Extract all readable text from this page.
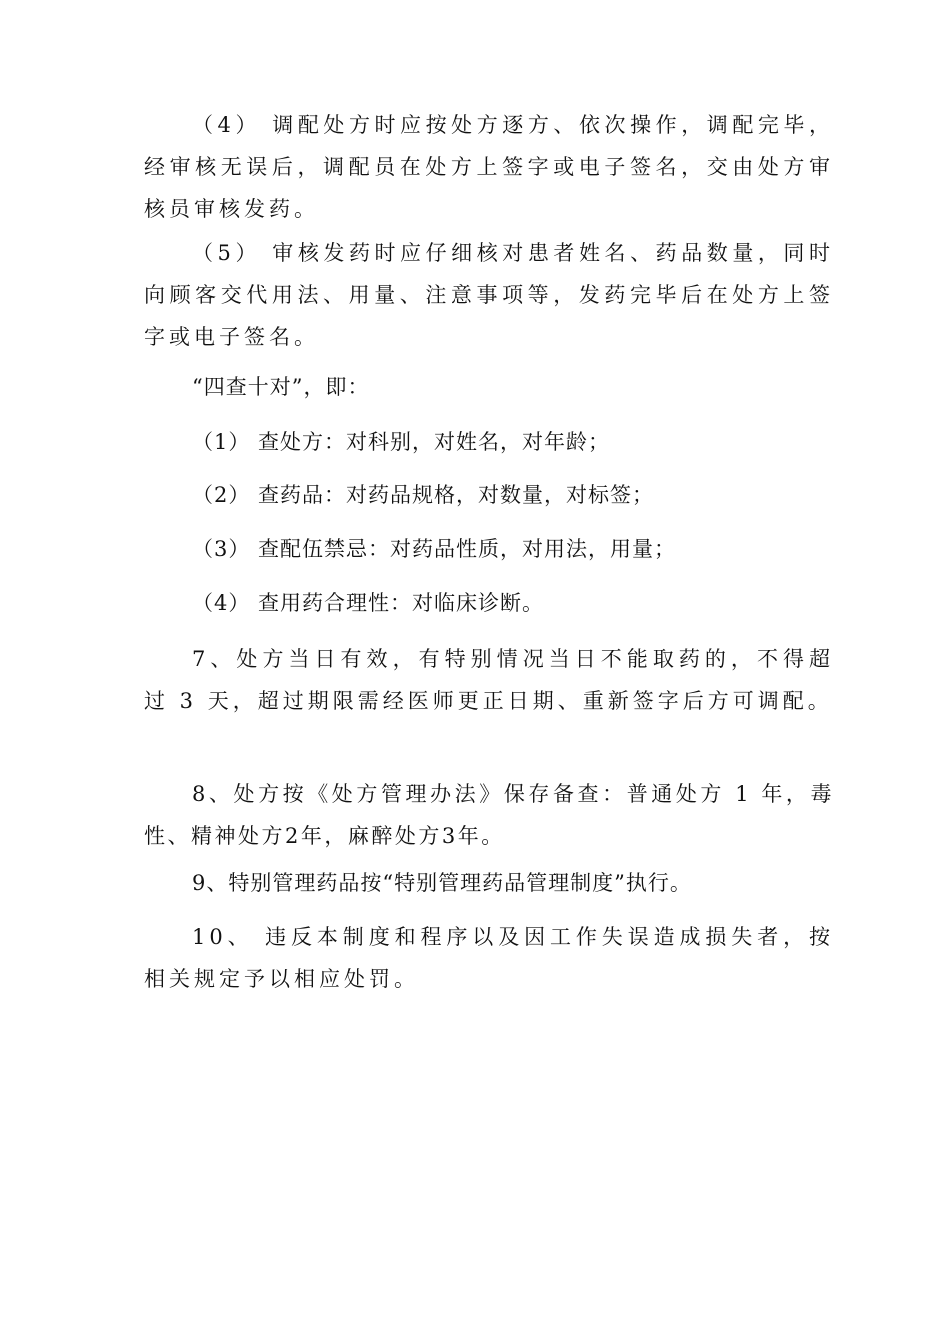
（4） 调配处方时应按处方逐方、依次操作，调配完毕，经审核无误后，调配员在处方上签字或电子签名，交由处方审核员审核发药。

（5） 审核发药时应仔细核对患者姓名、药品数量，同时向顾客交代用法、用量、注意事项等，发药完毕后在处方上签字或电子签名。

“四查十对”，即：

（1） 查处方：对科别，对姓名，对年龄；

（2） 查药品：对药品规格，对数量，对标签；

（3） 查配伍禁忌：对药品性质，对用法，用量；

（4） 查用药合理性：对临床诊断。

7、处方当日有效，有特别情况当日不能取药的，不得超过 3 天，超过期限需经医师更正日期、重新签字后方可调配。

8、处方按《处方管理办法》保存备查：普通处方 1 年，毒性、精神处方2年，麻醉处方3年。

9、特别管理药品按“特别管理药品管理制度”执行。

10、 违反本制度和程序以及因工作失误造成损失者，按相关规定予以相应处罚。
